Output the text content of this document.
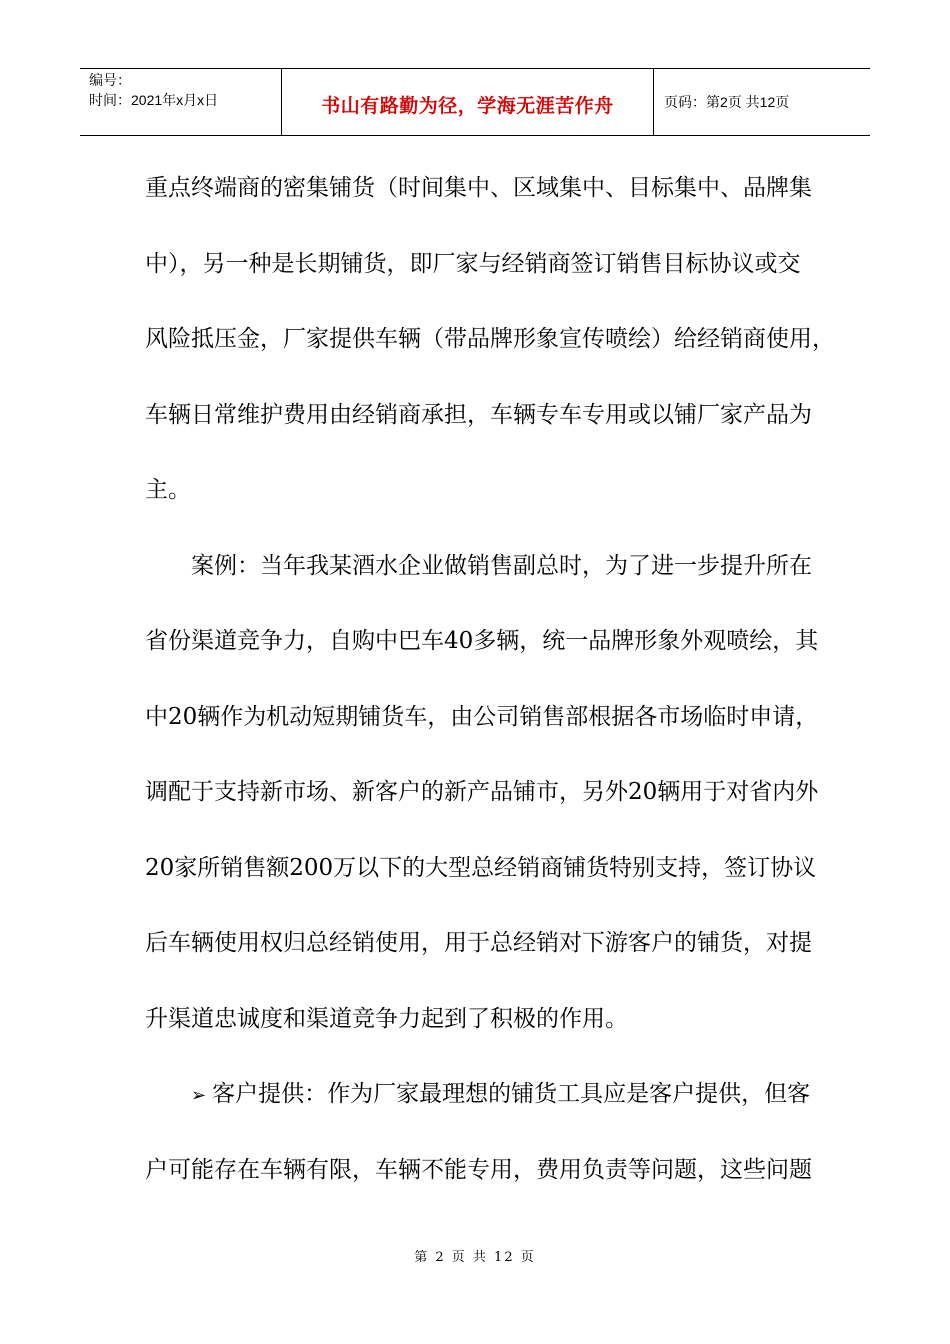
编号：
时间：2021年x月x日	书山有路勤为径，学海无涯苦作舟	页码：第2页 共12页
重点终端商的密集铺货（时间集中、区域集中、目标集中、品牌集
中），另一种是长期铺货，即厂家与经销商签订销售目标协议或交
风险抵压金，厂家提供车辆（带品牌形象宣传喷绘）给经销商使用，
车辆日常维护费用由经销商承担，车辆专车专用或以铺厂家产品为
主。
案例：当年我某酒水企业做销售副总时，为了进一步提升所在
省份渠道竞争力，自购中巴车40多辆，统一品牌形象外观喷绘，其
中20辆作为机动短期铺货车，由公司销售部根据各市场临时申请，
调配于支持新市场、新客户的新产品铺市，另外20辆用于对省内外
20家所销售额200万以下的大型总经销商铺货特别支持，签订协议
后车辆使用权归总经销使用，用于总经销对下游客户的铺货，对提
升渠道忠诚度和渠道竞争力起到了积极的作用。
➢ 客户提供：作为厂家最理想的铺货工具应是客户提供，但客
户可能存在车辆有限，车辆不能专用，费用负责等问题，这些问题
第 2 页 共 12 页
